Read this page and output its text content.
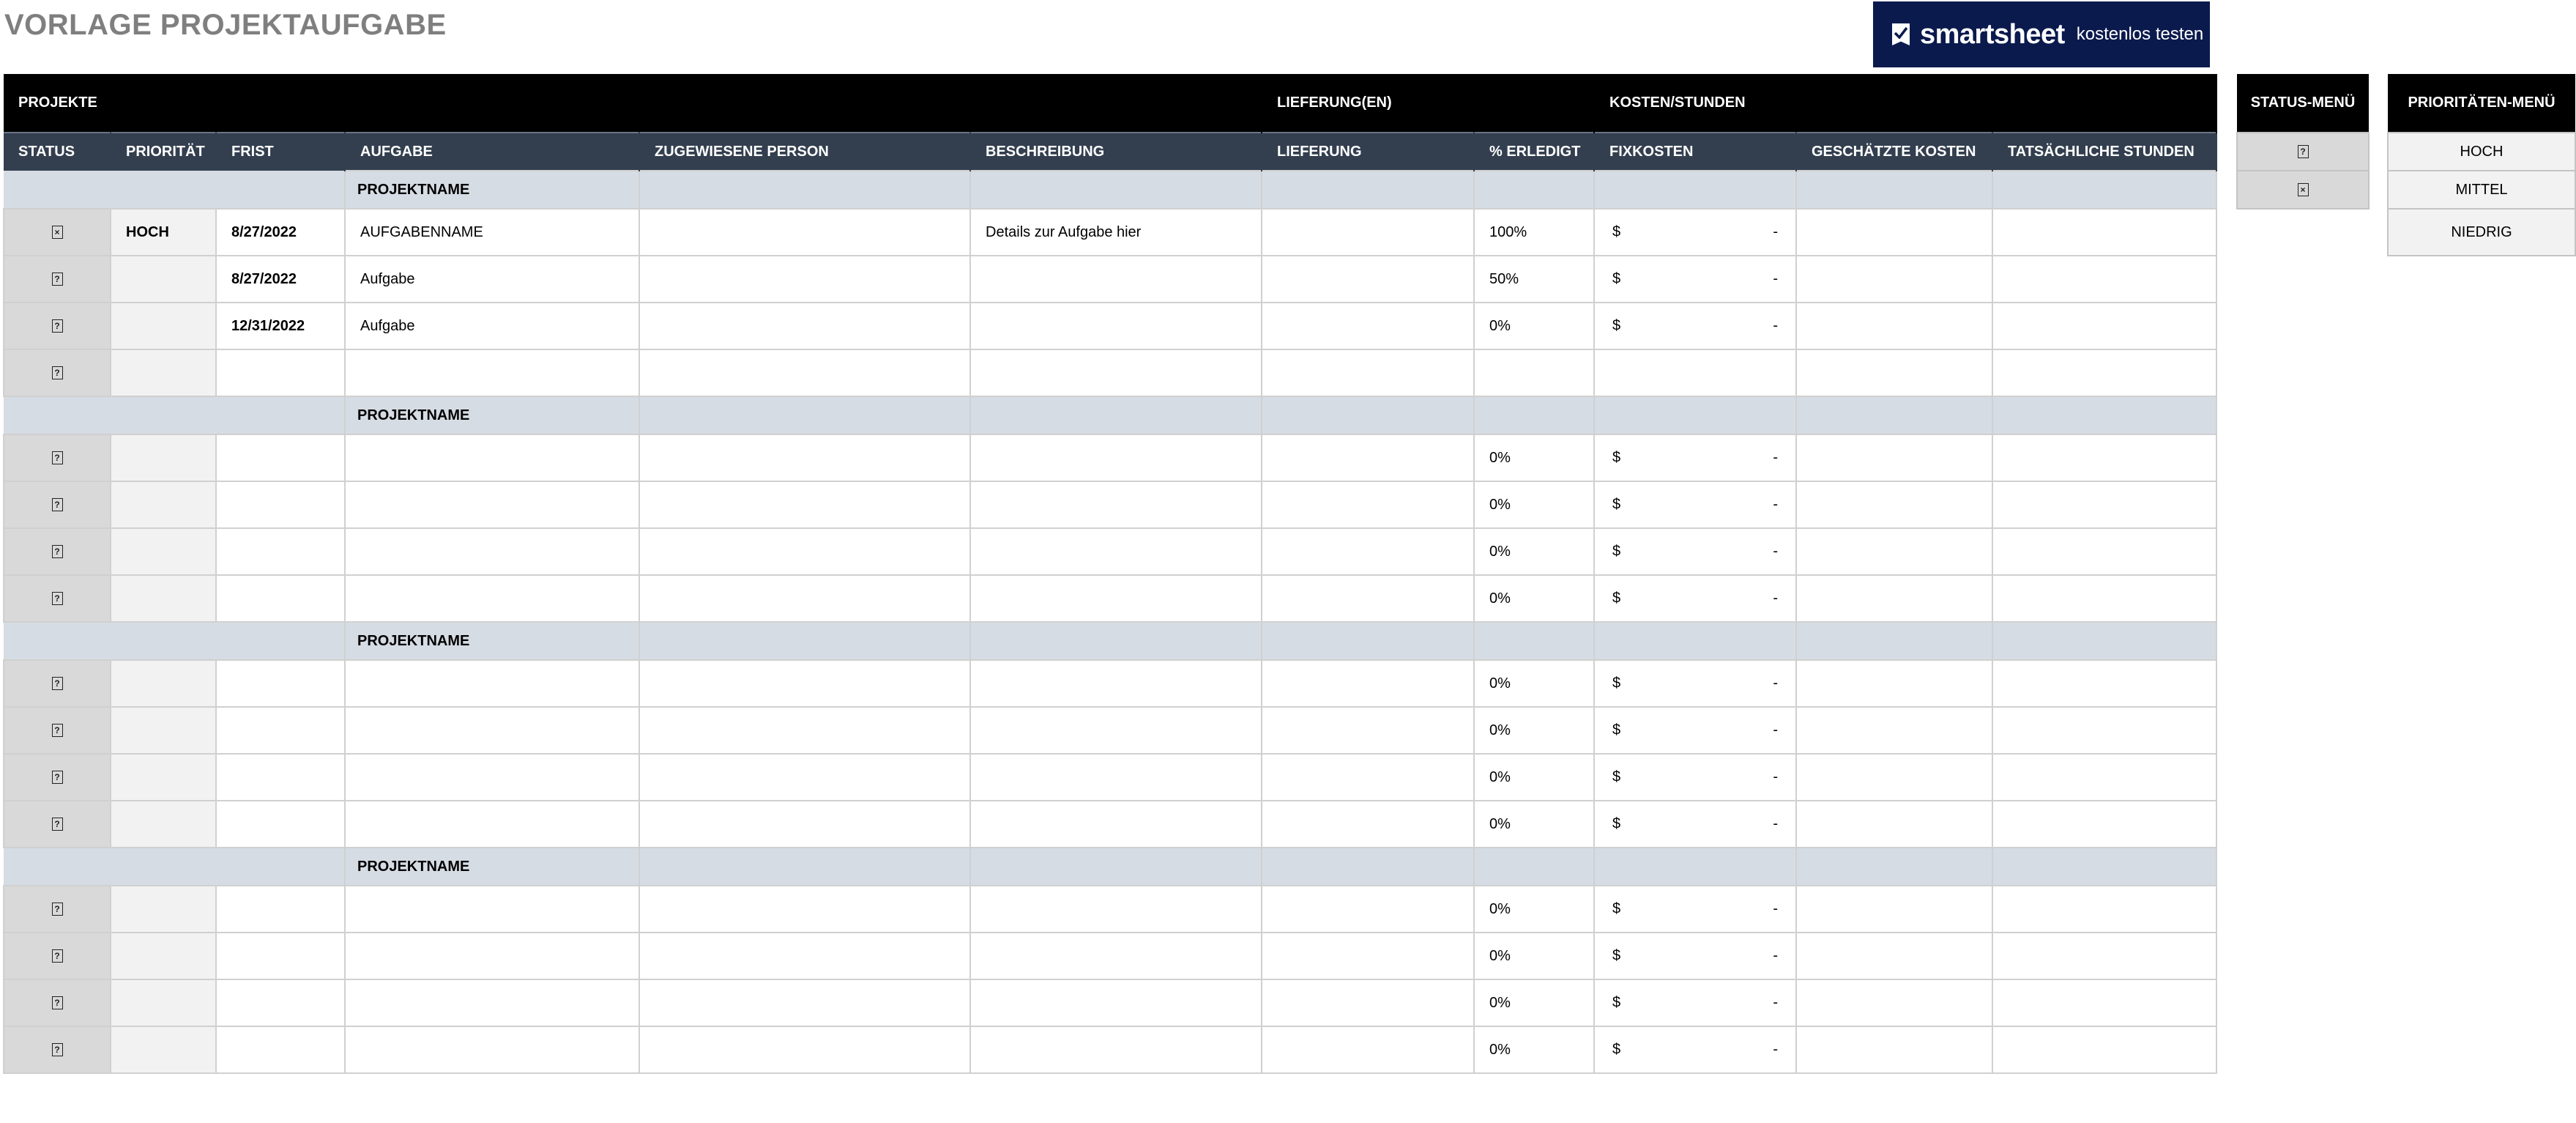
VORLAGE PROJEKTAUFGABE	smartsheet kostenlos testen
PROJEKTE						LIEFERUNG(EN)		KOSTEN/STUNDEN		
STATUS	PRIORITÄT	FRIST	AUFGABE	ZUGEWIESENE PERSON	BESCHREIBUNG	LIEFERUNG	% ERLEDIGT	FIXKOSTEN	GESCHÄTZTE KOSTEN	TATSÄCHLICHE STUNDEN
			PROJEKTNAME							
×	HOCH	8/27/2022	AUFGABENNAME		Details zur Aufgabe hier		100%	$ -		

?		8/27/2022	Aufgabe				50%	$ -		

?		12/31/2022	Aufgabe				0%	$ -		

?										
			PROJEKTNAME							
?							0%	$ -		

?							0%	$ -		

?							0%	$ -		

?							0%	$ -		

			PROJEKTNAME							
?							0%	$ -		

?							0%	$ -		

?							0%	$ -		

?							0%	$ -		

			PROJEKTNAME							
?							0%	$ -		

?							0%	$ -		

?							0%	$ -		

?							0%	$ -		

STATUS-MENÜ
?
×
PRIORITÄTEN-MENÜ
HOCH
MITTEL
NIEDRIG
